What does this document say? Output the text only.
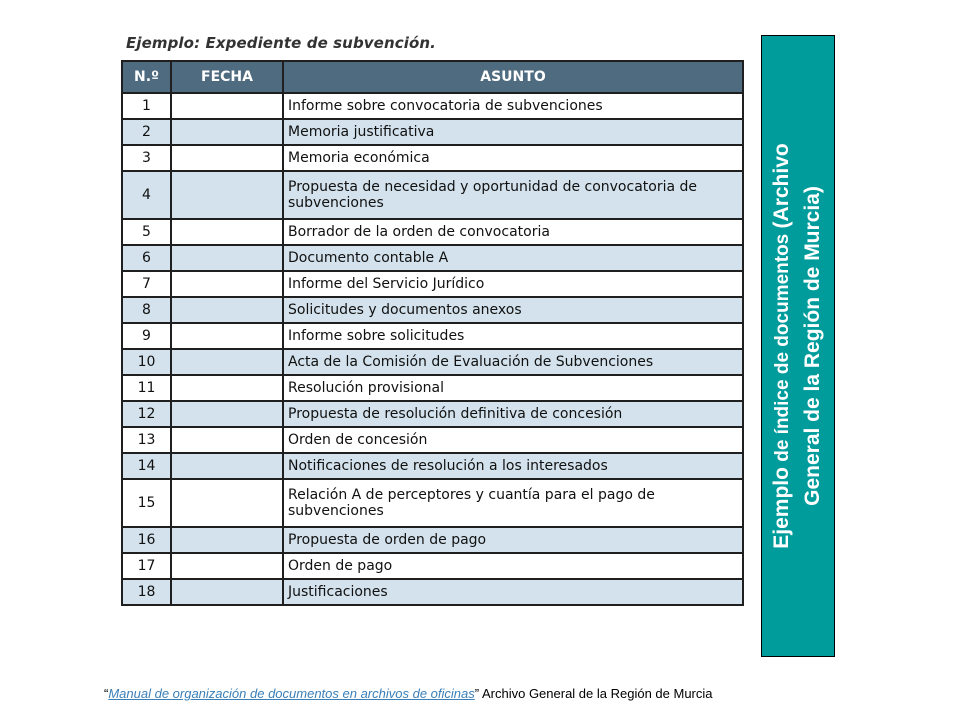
Ejemplo: Expediente de subvención.
N.º	FECHA	ASUNTO
1		Informe sobre convocatoria de subvenciones
2		Memoria justificativa
3		Memoria económica
4		Propuesta de necesidad y oportunidad de convocatoria de subvenciones
5		Borrador de la orden de convocatoria
6		Documento contable A
7		Informe del Servicio Jurídico
8		Solicitudes y documentos anexos
9		Informe sobre solicitudes
10		Acta de la Comisión de Evaluación de Subvenciones
11		Resolución provisional
12		Propuesta de resolución definitiva de concesión
13		Orden de concesión
14		Notificaciones de resolución a los interesados
15		Relación A de perceptores y cuantía para el pago de subvenciones
16		Propuesta de orden de pago
17		Orden de pago
18		Justificaciones
Ejemplo de índice de documentos (Archivo
General de la Región de Murcia)
“Manual de organización de documentos en archivos de oficinas” Archivo General de la Región de Murcia
